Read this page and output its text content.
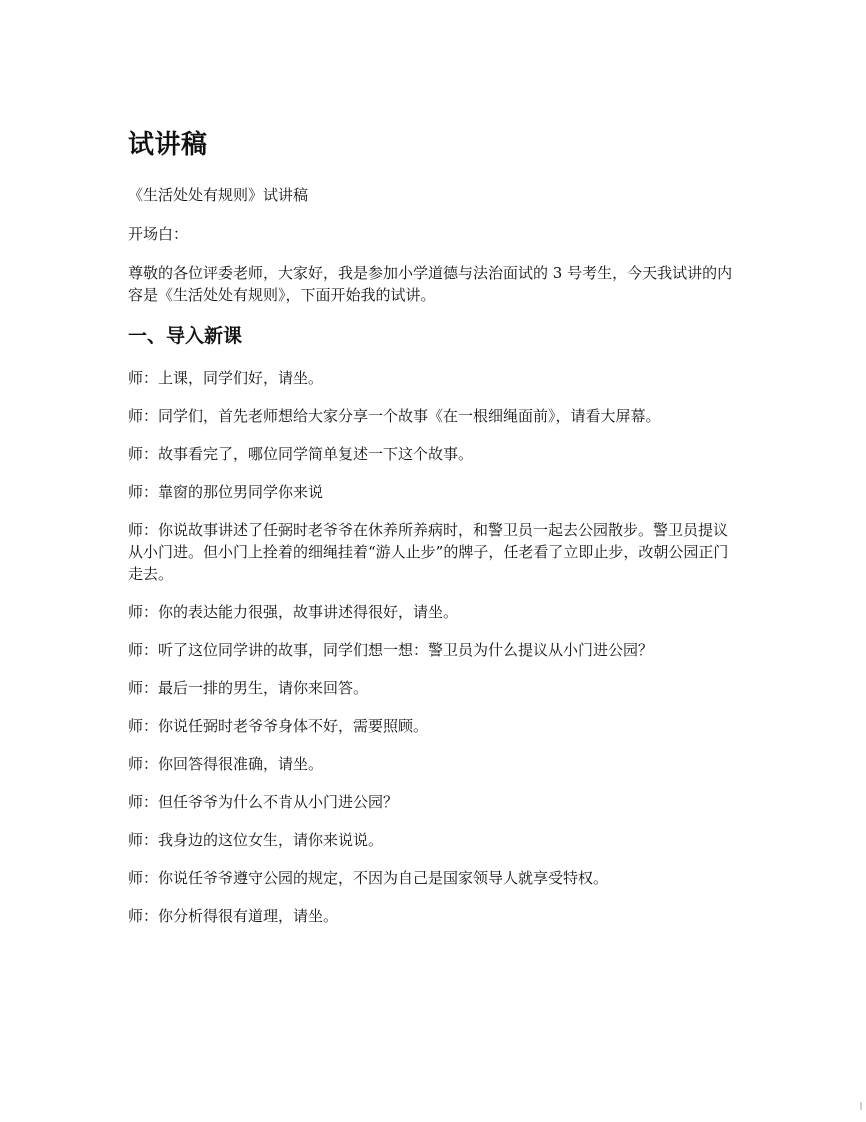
试讲稿

《生活处处有规则》试讲稿

开场白：

尊敬的各位评委老师，大家好，我是参加小学道德与法治面试的 3 号考生，今天我试讲的内容是《生活处处有规则》，下面开始我的试讲。

一、导入新课

师：上课，同学们好，请坐。

师：同学们，首先老师想给大家分享一个故事《在一根细绳面前》，请看大屏幕。

师：故事看完了，哪位同学简单复述一下这个故事。

师：靠窗的那位男同学你来说

师：你说故事讲述了任弼时老爷爷在休养所养病时，和警卫员一起去公园散步。警卫员提议从小门进。但小门上拴着的细绳挂着“游人止步”的牌子，任老看了立即止步，改朝公园正门走去。

师：你的表达能力很强，故事讲述得很好，请坐。

师：听了这位同学讲的故事，同学们想一想：警卫员为什么提议从小门进公园？

师：最后一排的男生，请你来回答。

师：你说任弼时老爷爷身体不好，需要照顾。

师：你回答得很准确，请坐。

师：但任爷爷为什么不肯从小门进公园？

师：我身边的这位女生，请你来说说。

师：你说任爷爷遵守公园的规定，不因为自己是国家领导人就享受特权。

师：你分析得很有道理，请坐。
